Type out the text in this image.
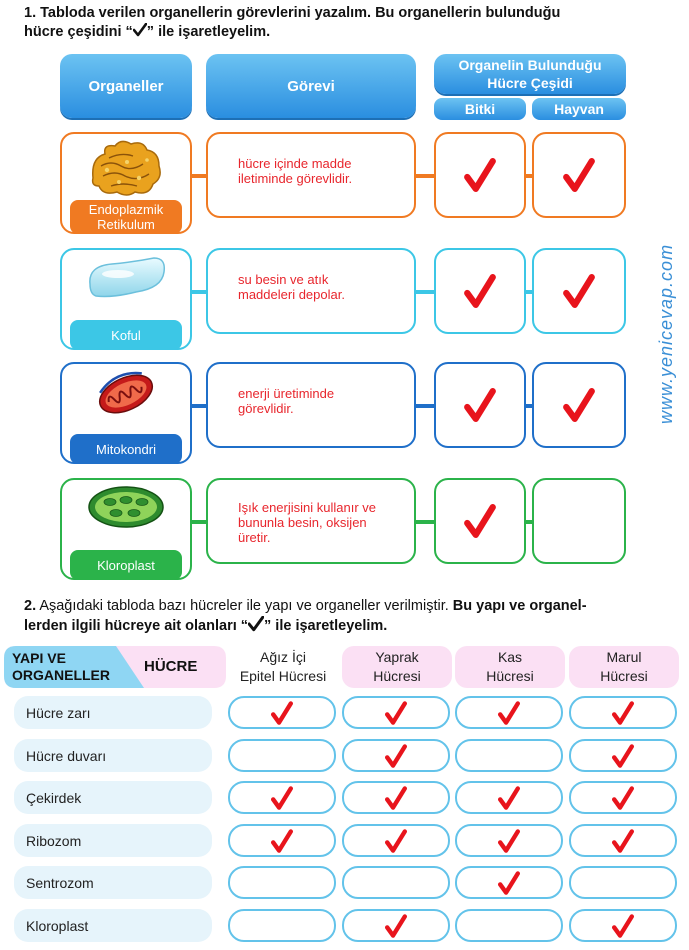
1. Tabloda verilen organellerin görevlerini yazalım. Bu organellerin bulunduğu
hücre çeşidini “ ” ile işaretleyelim.
Organeller	Görevi
Organelin Bulunduğu
Hücre Çeşidi
Bitki	Hayvan
Endoplazmik
Retikulum
hücre içinde madde
iletiminde görevlidir.
Koful
su besin ve atık
maddeleri depolar.
Mitokondri
enerji üretiminde
görevlidir.
Kloroplast
Işık enerjisini kullanır ve
bununla besin, oksijen
üretir.
www.yenicevap.com
2. Aşağıdaki tabloda bazı hücreler ile yapı ve organeller verilmiştir. Bu yapı ve organel-
lerden ilgili hücreye ait olanları “ ” ile işaretleyelim.
YAPI VE
ORGANELLER HÜCRE
Ağız İçi
Epitel Hücresi
Yaprak
Hücresi
Kas
Hücresi
Marul
Hücresi
Hücre zarı
Hücre duvarı
Çekirdek
Ribozom
Sentrozom
Kloroplast
